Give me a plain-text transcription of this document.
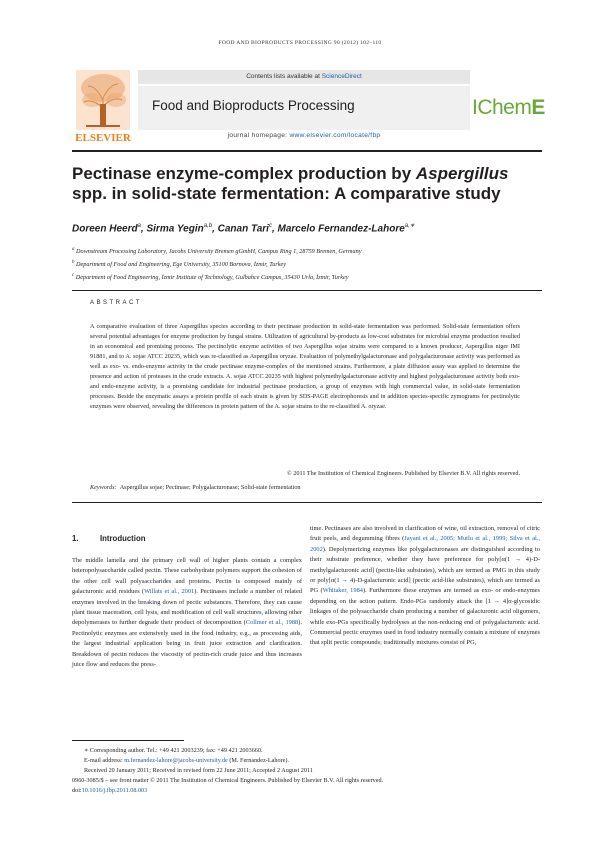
FOOD AND BIOPRODUCTS PROCESSING 90 (2012) 102–110
ELSEVIER
Contents lists available at ScienceDirect
Food and Bioproducts Processing
journal homepage: www.elsevier.com/locate/fbp
IChemE
Pectinase enzyme-complex production by Aspergillus spp. in solid-state fermentation: A comparative study
Doreen Heerd$^a$, Sirma Yegin$^{a,b}$, Canan Tari$^c$, Marcelo Fernandez-Lahore$^{a,∗}$
$^a$ Downstream Processing Laboratory, Jacobs University Bremen gGmbH, Campus Ring 1, 28759 Bremen, Germany
$^b$ Department of Food and Engineering, Ege University, 35100 Bornova, İzmir, Turkey
$^c$ Department of Food Engineering, İzmir Institute of Technology, Gulbahce Campus, 35430 Urla, İzmir, Turkey
ABSTRACT
A comparative evaluation of three Aspergillus species according to their pectinase production in solid-state fermentation was performed. Solid-state fermentation offers several potential advantages for enzyme production by fungal strains. Utilization of agricultural by-products as low-cost substrates for microbial enzyme production resulted in an economical and promising process. The pectinolytic enzyme activities of two Aspergillus sojae strains were compared to a known producer, Aspergillus niger IMI 91881, and to A. sojae ATCC 20235, which was re-classified as Aspergillus oryzae. Evaluation of polymethylgalacturonase and polygalacturonase activity was performed as well as exo- vs. endo-enzyme activity in the crude pectinase enzyme-complex of the mentioned strains. Furthermore, a plate diffusion assay was applied to determine the presence and action of proteases in the crude extracts. A. sojae ATCC 20235 with highest polymethylgalacturonase activity and highest polygalacturonase activity both exo- and endo-enzyme activity, is a promising candidate for industrial pectinase production, a group of enzymes with high commercial value, in solid-state fermentation processes. Beside the enzymatic assays a protein profile of each strain is given by SDS-PAGE electrophoresis and in addition species-specific zymograms for pectinolytic enzymes were observed, revealing the differences in protein pattern of the A. sojae strains to the re-classified A. oryzae.
© 2011 The Institution of Chemical Engineers. Published by Elsevier B.V. All rights reserved.
Keywords: Aspergillus sojae; Pectinase; Polygalacturonase; Solid-state fermentation
1.	Introduction
The middle lamella and the primary cell wall of higher plants contain a complex heteropolysaccharide called pectin. These carbohydrate polymers support the cohesion of the other cell wall polysaccharides and proteins. Pectin is composed mainly of galacturonic acid residues (Willats et al., 2001). Pectinases include a number of related enzymes involved in the breaking down of pectic substances. Therefore, they can cause plant tissue maceration, cell lysis, and modification of cell wall structures, allowing other depolymerases to further degrade their product of decomposition (Collmer et al., 1988). Pectinolytic enzymes are extensively used in the food industry, e.g., as processing aids, the largest industrial application being in fruit juice extraction and clarification. Breakdown of pectin reduces the viscosity of pectin-rich crude juice and thus increases juice flow and reduces the press-
time. Pectinases are also involved in clarification of wine, oil extraction, removal of citric fruit peels, and degumming fibres (Jayani et al., 2005; Mutlu et al., 1999; Silva et al., 2002). Depolymerizing enzymes like polygalacturonases are distinguished according to their substrate preference, whether they have preference for poly[α(1 → 4)-D-methylgalacturonic acid] (pectin-like substrates), which are termed as PMG in this study or poly[α(1 → 4)-D-galacturonic acid] (pectic acid-like substrates), which are termed as PG (Whitaker, 1984). Furthermore these enzymes are termed as exo- or endo-enzymes depending on the action pattern. Endo-PGs randomly attack the [1 → 4]α-glycosidic linkages of the polysaccharide chain producing a number of galacturonic acid oligomers, while exo-PGs specifically hydrolyses at the non-reducing end of polygalacturonic acid. Commercial pectic enzymes used in food industry normally contain a mixture of enzymes that split pectic compounds; traditionally mixtures consist of PG,
∗ Corresponding author. Tel.: +49 421 2003239; fax: +49 421 2003660.
E-mail address: m.fernandez-lahore@jacobs-university.de (M. Fernandez-Lahore).
Received 20 January 2011; Received in revised form 22 June 2011; Accepted 2 August 2011
0960-3085/$ – see front matter © 2011 The Institution of Chemical Engineers. Published by Elsevier B.V. All rights reserved.
doi:10.1016/j.fbp.2011.08.003
